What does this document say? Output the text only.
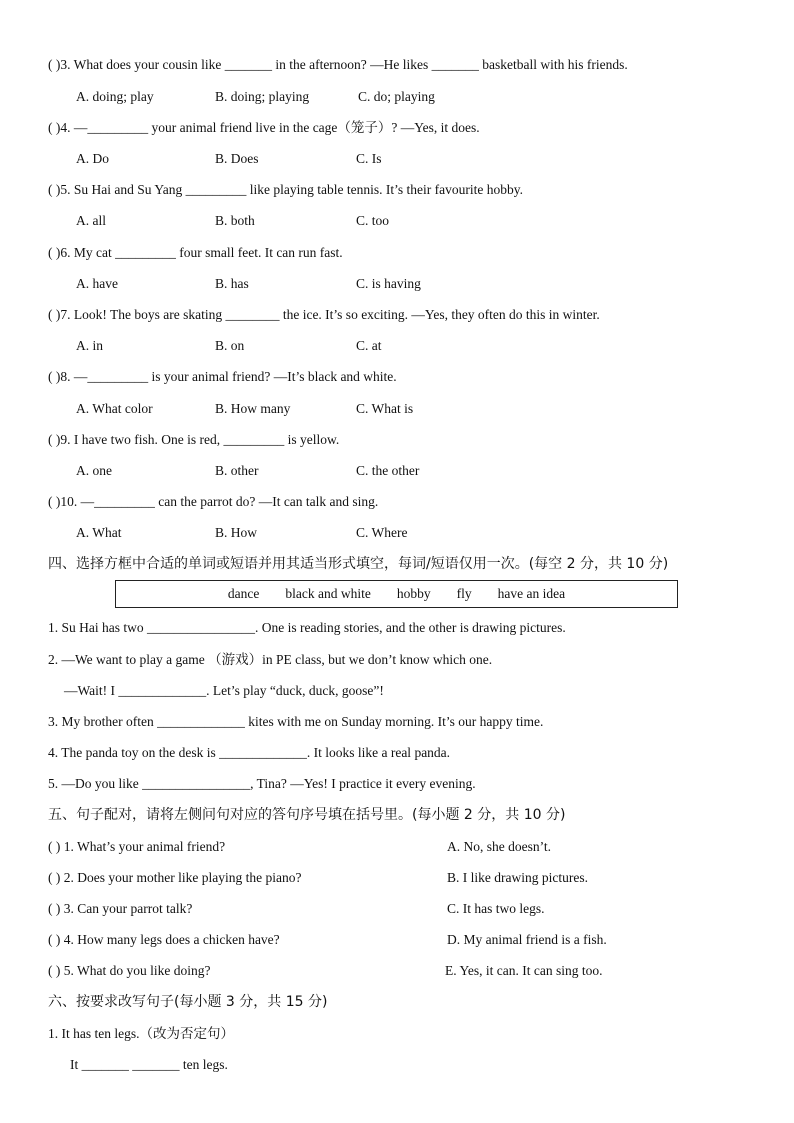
( )3. What does your cousin like _______ in the afternoon? —He likes _______ basketball with his friends.
A. doing; play	B. doing; playing	C. do; playing
( )4. —_________ your animal friend live in the cage（笼子）? —Yes, it does.
A. Do	B. Does	C. Is
( )5. Su Hai and Su Yang _________ like playing table tennis. It’s their favourite hobby.
A. all	B. both	C. too
( )6. My cat _________ four small feet. It can run fast.
A. have	B. has	C. is having
( )7. Look! The boys are skating ________ the ice. It’s so exciting. —Yes, they often do this in winter.
A. in	B. on	C. at
( )8. —_________ is your animal friend? —It’s black and white.
A. What color	B. How many	C. What is
( )9. I have two fish. One is red, _________ is yellow.
A. one	B. other	C. the other
( )10. —_________ can the parrot do? —It can talk and sing.
A. What	B. How	C. Where
四、选择方框中合适的单词或短语并用其适当形式填空，每词/短语仅用一次。(每空 2 分，共 10 分)
dance black and white hobby fly have an idea
1. Su Hai has two ________________. One is reading stories, and the other is drawing pictures.
2. —We want to play a game （游戏）in PE class, but we don’t know which one.
—Wait! I _____________. Let’s play “duck, duck, goose”!
3. My brother often _____________ kites with me on Sunday morning. It’s our happy time.
4. The panda toy on the desk is _____________. It looks like a real panda.
5. —Do you like ________________, Tina? —Yes! I practice it every evening.
五、句子配对，请将左侧问句对应的答句序号填在括号里。(每小题 2 分，共 10 分)
( ) 1. What’s your animal friend?	A. No, she doesn’t.
( ) 2. Does your mother like playing the piano?	B. I like drawing pictures.
( ) 3. Can your parrot talk?	C. It has two legs.
( ) 4. How many legs does a chicken have?	D. My animal friend is a fish.
( ) 5. What do you like doing?	E. Yes, it can. It can sing too.
六、按要求改写句子(每小题 3 分，共 15 分)
1. It has ten legs.（改为否定句）
It _______ _______ ten legs.
